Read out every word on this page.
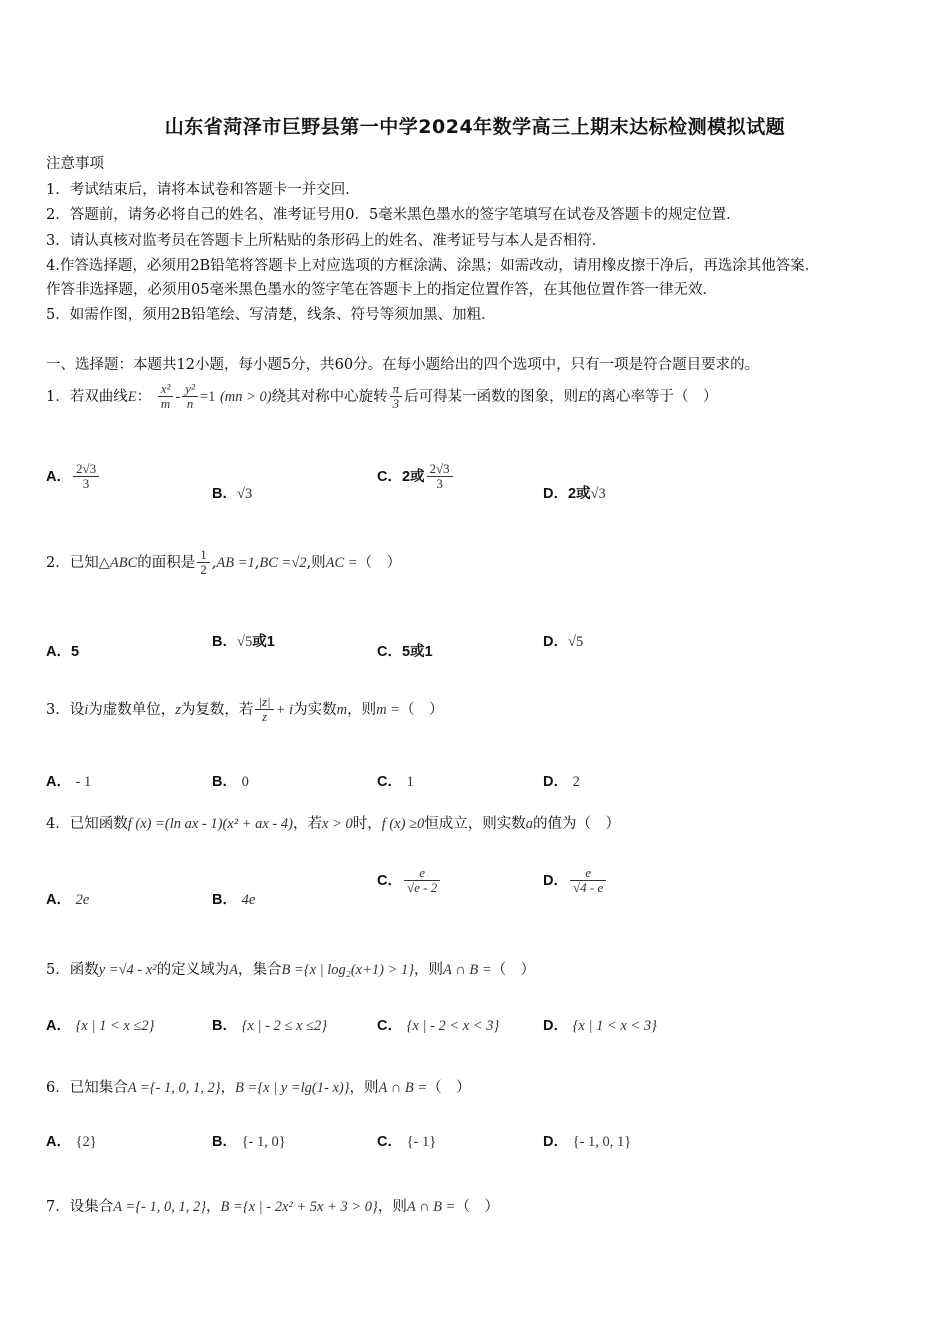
山东省菏泽市巨野县第一中学2024年数学高三上期末达标检测模拟试题
注意事项
1．考试结束后，请将本试卷和答题卡一并交回．
2．答题前，请务必将自己的姓名、准考证号用0．5毫米黑色墨水的签字笔填写在试卷及答题卡的规定位置．
3．请认真核对监考员在答题卡上所粘贴的条形码上的姓名、准考证号与本人是否相符．
4.作答选择题，必须用2B铅笔将答题卡上对应选项的方框涂满、涂黑；如需改动，请用橡皮擦干净后，再选涂其他答案．
作答非选择题，必须用05毫米黑色墨水的签字笔在答题卡上的指定位置作答，在其他位置作答一律无效．
5．如需作图，须用2B铅笔绘、写清楚，线条、符号等须加黑、加粗．
一、选择题：本题共12小题，每小题5分，共60分。在每小题给出的四个选项中，只有一项是符合题目要求的。
1．若双曲线E： $\frac{\text{x²}}{m} - \frac{\text{y²}}{n} =1$ (mn > 0)绕其对称中心旋转 $\frac{\pi}{3}$ 后可得某一函数的图象，则E的离心率等于（　）
A． $\frac{2√3}{3}$
B．√3
C．2或 $\frac{2√3}{3}$
D．2或√3
2．已知△ABC的面积是 $\frac{1}{2} ,AB =1,BC =√2$,则AC =（　）
A．5
B．√5或1
C．5或1
D．√5
3．设i为虚数单位，z为复数，若 $\frac{|z|}{z} + i$为实数m，则m =（　）
A． - 1	B． 0	C． 1	D． 2
4．已知函数f (x) =(ln ax - 1)(x² + ax - 4)，若x > 0时，f (x) ≥0恒成立，则实数a的值为（　）
A． 2e	B． 4e
C． $\frac{e}{√e - 2}$	D． $\frac{e}{√4 - e}$
5．函数y =√4 - x²的定义域为A，集合B ={x | log₂(x+1) > 1}，则A ∩ B =（　）
A． {x | 1 < x ≤2}	B． {x | - 2 ≤ x ≤2}	C． {x | - 2 < x < 3}	D． {x | 1 < x < 3}
6．已知集合A ={- 1, 0, 1, 2}，B ={x | y =lg(1- x)}，则A ∩ B =（　）
A． {2}	B． {- 1, 0}	C． {- 1}	D． {- 1, 0, 1}
7．设集合A ={- 1, 0, 1, 2}，B ={x | - 2x² + 5x + 3 > 0}，则A ∩ B =（　）
